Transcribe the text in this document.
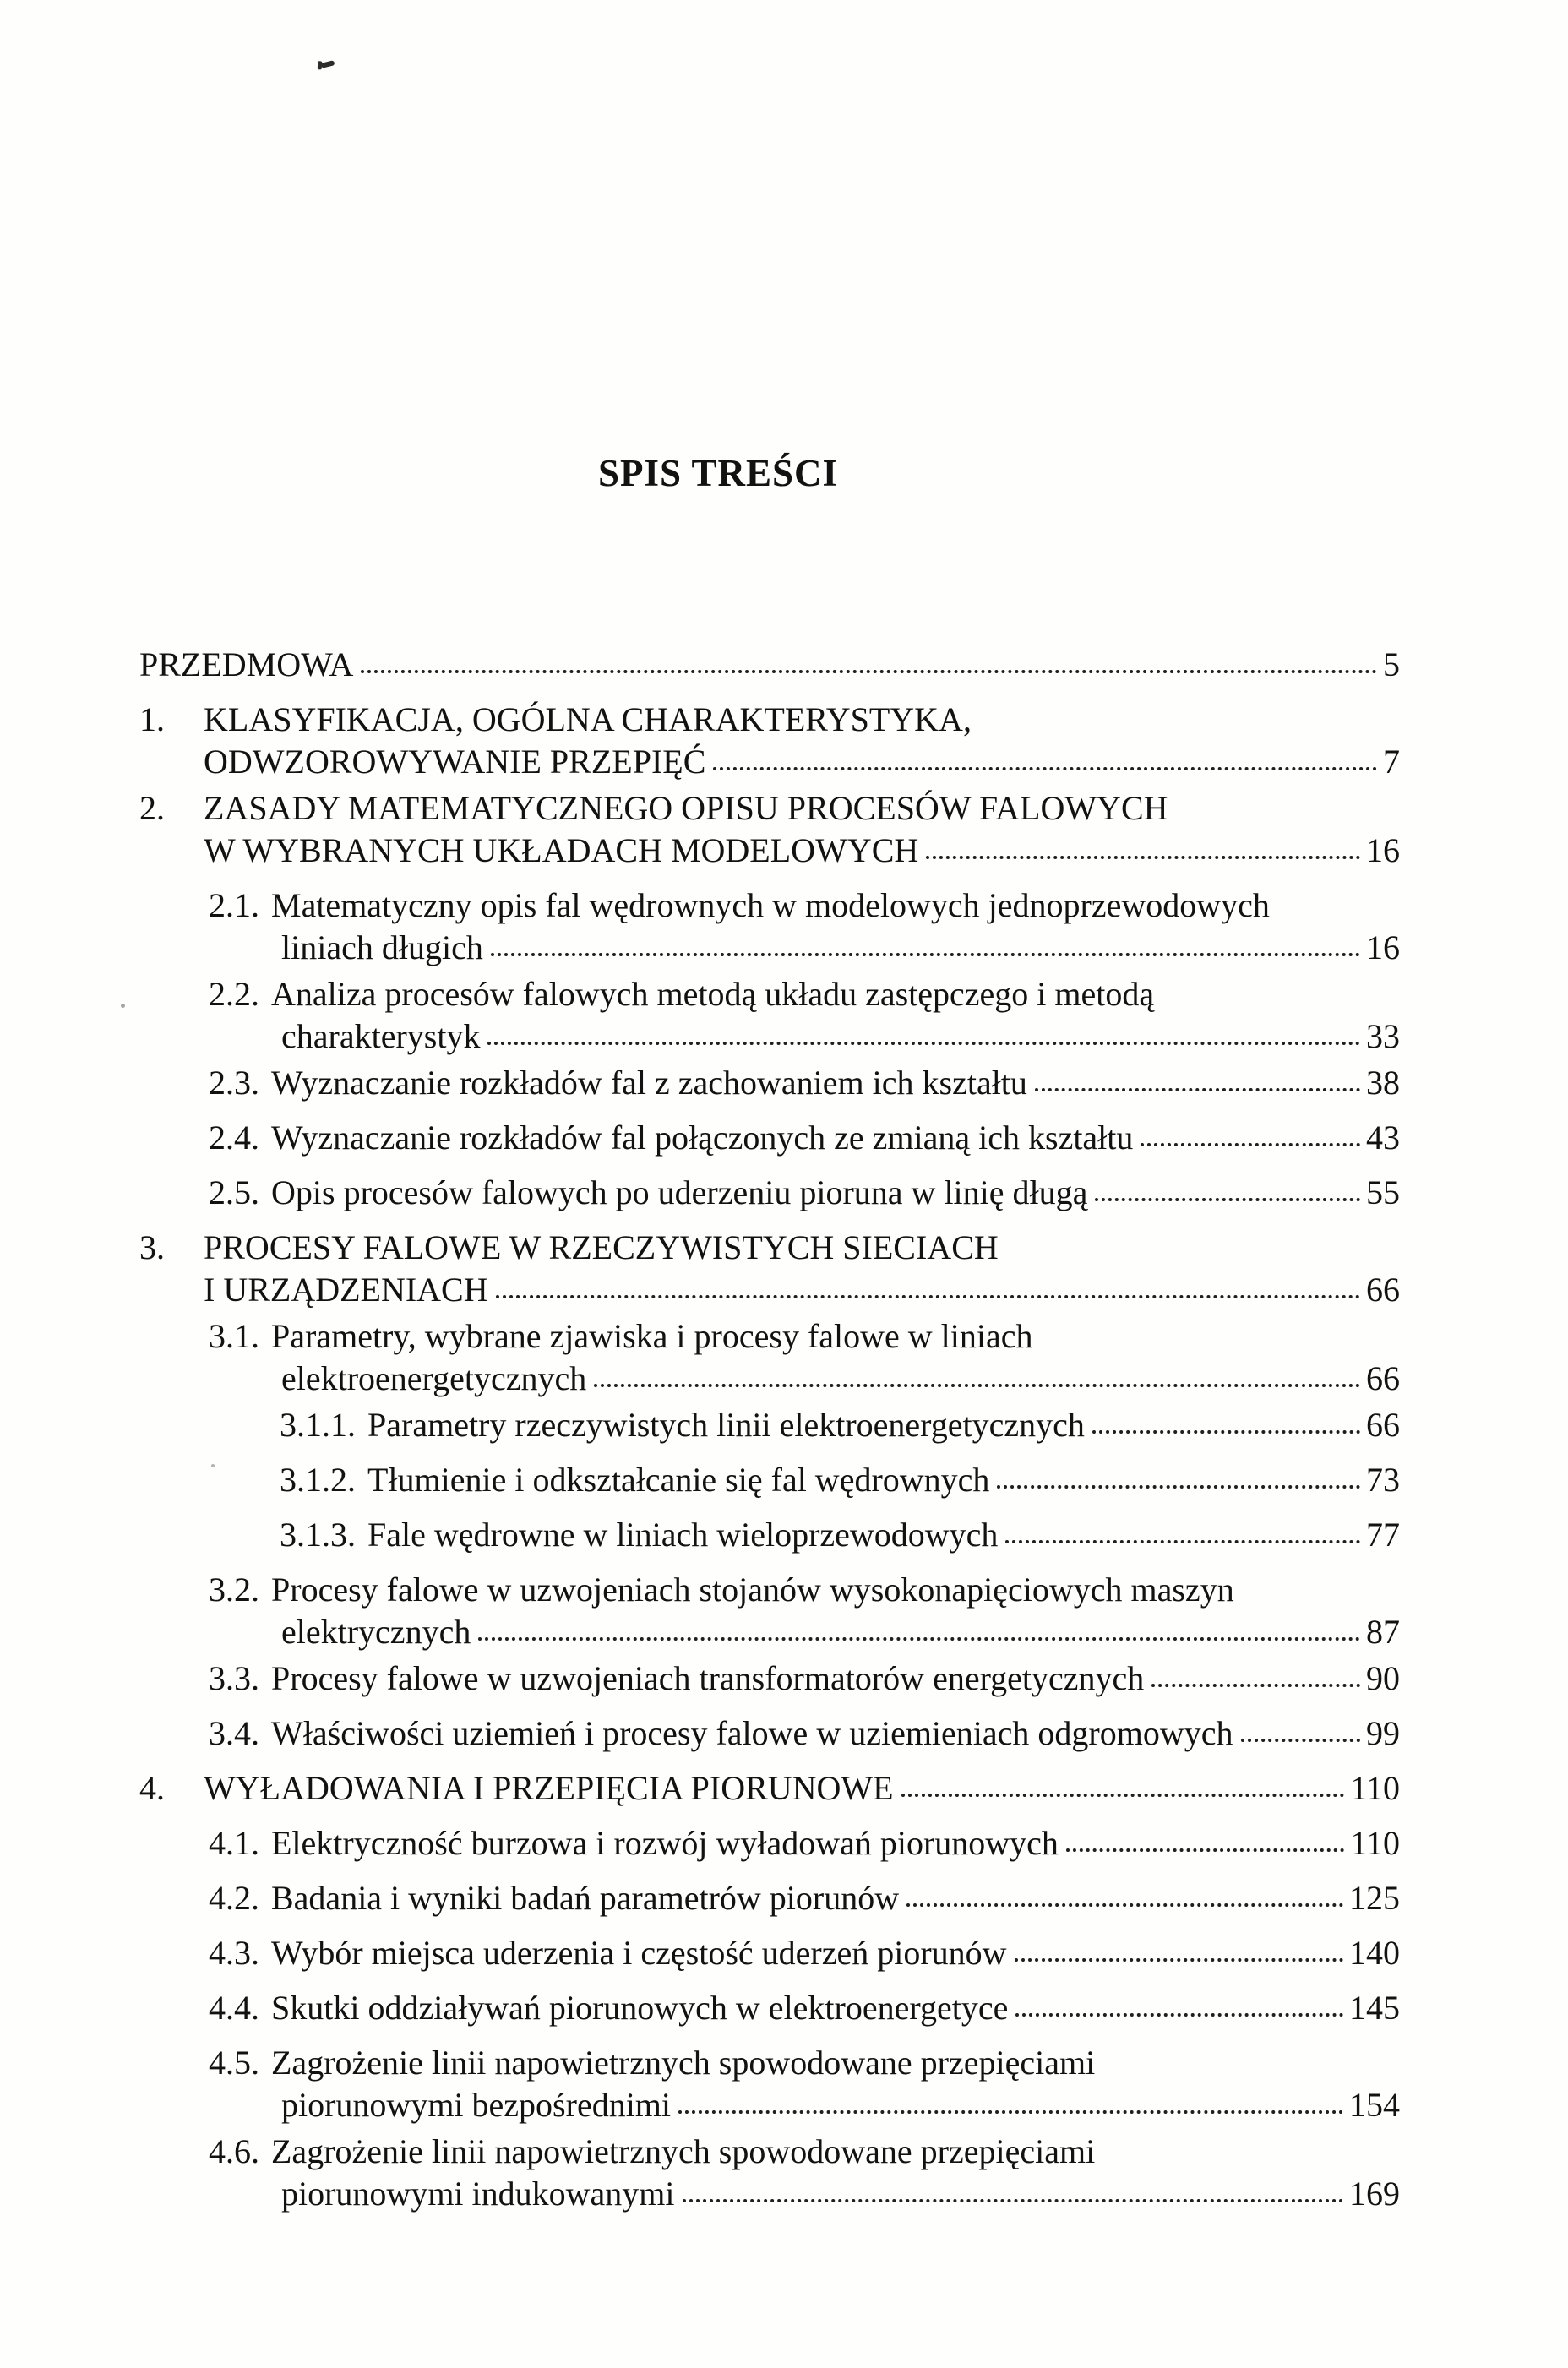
SPIS TREŚCI
PRZEDMOWA	5
1.	KLASYFIKACJA, OGÓLNA CHARAKTERYSTYKA,
ODWZOROWYWANIE PRZEPIĘĆ	7
2.	ZASADY MATEMATYCZNEGO OPISU PROCESÓW FALOWYCH
W WYBRANYCH UKŁADACH MODELOWYCH	16
2.1. Matematyczny opis fal wędrownych w modelowych jednoprzewodowych
liniach długich	16
2.2. Analiza procesów falowych metodą układu zastępczego i metodą
charakterystyk	33
2.3. Wyznaczanie rozkładów fal z zachowaniem ich kształtu	38
2.4. Wyznaczanie rozkładów fal połączonych ze zmianą ich kształtu	43
2.5. Opis procesów falowych po uderzeniu pioruna w linię długą	55
3.	PROCESY FALOWE W RZECZYWISTYCH SIECIACH
I URZĄDZENIACH	66
3.1. Parametry, wybrane zjawiska i procesy falowe w liniach
elektroenergetycznych	66
3.1.1. Parametry rzeczywistych linii elektroenergetycznych	66
3.1.2. Tłumienie i odkształcanie się fal wędrownych	73
3.1.3. Fale wędrowne w liniach wieloprzewodowych	77
3.2. Procesy falowe w uzwojeniach stojanów wysokonapięciowych maszyn
elektrycznych	87
3.3. Procesy falowe w uzwojeniach transformatorów energetycznych	90
3.4. Właściwości uziemień i procesy falowe w uziemieniach odgromowych	99
4.	WYŁADOWANIA I PRZEPIĘCIA PIORUNOWE	110
4.1. Elektryczność burzowa i rozwój wyładowań piorunowych	110
4.2. Badania i wyniki badań parametrów piorunów	125
4.3. Wybór miejsca uderzenia i częstość uderzeń piorunów	140
4.4. Skutki oddziaływań piorunowych w elektroenergetyce	145
4.5. Zagrożenie linii napowietrznych spowodowane przepięciami
piorunowymi bezpośrednimi	154
4.6. Zagrożenie linii napowietrznych spowodowane przepięciami
piorunowymi indukowanymi	169
